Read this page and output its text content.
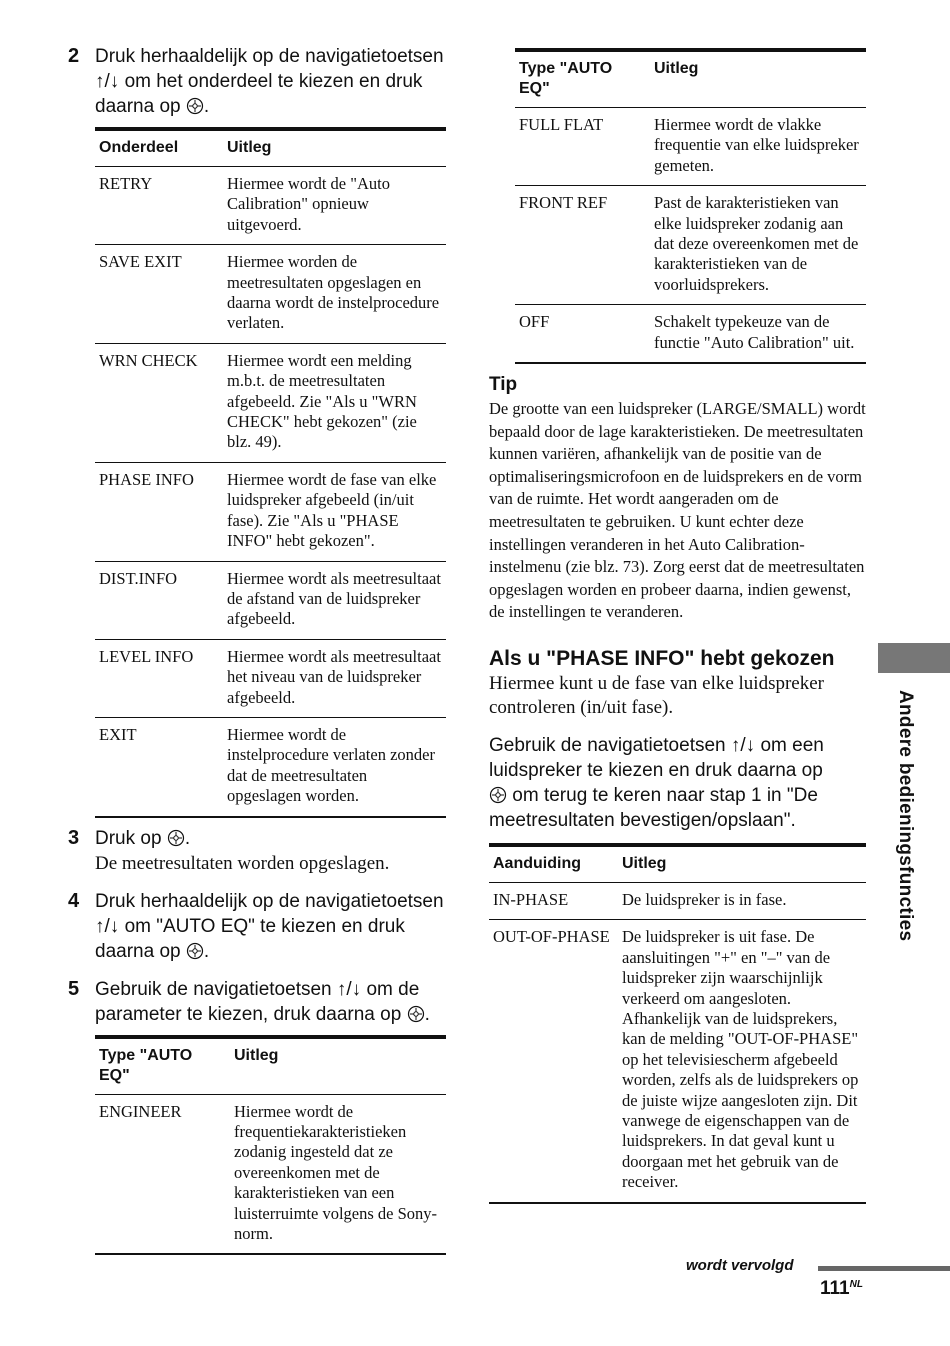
2 Druk herhaaldelijk op de navigatietoetsen ↑/↓ om het onderdeel te kiezen en druk daarna op .
Onderdeel	Uitleg
RETRY	Hiermee wordt de "Auto Calibration" opnieuw uitgevoerd.
SAVE EXIT	Hiermee worden de meetresultaten opgeslagen en daarna wordt de instelprocedure verlaten.
WRN CHECK	Hiermee wordt een melding m.b.t. de meetresultaten afgebeeld. Zie "Als u "WRN CHECK" hebt gekozen" (zie blz. 49).
PHASE INFO	Hiermee wordt de fase van elke luidspreker afgebeeld (in/uit fase). Zie "Als u "PHASE INFO" hebt gekozen".
DIST.INFO	Hiermee wordt als meetresultaat de afstand van de luidspreker afgebeeld.
LEVEL INFO	Hiermee wordt als meetresultaat het niveau van de luidspreker afgebeeld.
EXIT	Hiermee wordt de instelprocedure verlaten zonder dat de meetresultaten opgeslagen worden.
3 Druk op .
De meetresultaten worden opgeslagen.
4 Druk herhaaldelijk op de navigatietoetsen ↑/↓ om "AUTO EQ" te kiezen en druk daarna op .
5 Gebruik de navigatietoetsen ↑/↓ om de parameter te kiezen, druk daarna op .
Type "AUTO EQ"	Uitleg
ENGINEER	Hiermee wordt de frequentiekarakteristieken zodanig ingesteld dat ze overeenkomen met de karakteristieken van een luisterruimte volgens de Sony-norm.
Type "AUTO EQ"	Uitleg
FULL FLAT	Hiermee wordt de vlakke frequentie van elke luidspreker gemeten.
FRONT REF	Past de karakteristieken van elke luidspreker zodanig aan dat deze overeenkomen met de karakteristieken van de voorluidsprekers.
OFF	Schakelt typekeuze van de functie "Auto Calibration" uit.
Tip
De grootte van een luidspreker (LARGE/SMALL) wordt bepaald door de lage karakteristieken. De meetresultaten kunnen variëren, afhankelijk van de positie van de optimaliseringsmicrofoon en de luidsprekers en de vorm van de ruimte. Het wordt aangeraden om de meetresultaten te gebruiken. U kunt echter deze instellingen veranderen in het Auto Calibration-instelmenu (zie blz. 73). Zorg eerst dat de meetresultaten opgeslagen worden en probeer daarna, indien gewenst, de instellingen te veranderen.
Als u "PHASE INFO" hebt gekozen
Hiermee kunt u de fase van elke luidspreker controleren (in/uit fase).
Gebruik de navigatietoetsen ↑/↓ om een luidspreker te kiezen en druk daarna op
om terug te keren naar stap 1 in "De meetresultaten bevestigen/opslaan".
Aanduiding	Uitleg
IN-PHASE	De luidspreker is in fase.
OUT-OF-PHASE	De luidspreker is uit fase. De aansluitingen "+" en "–" van de luidspreker zijn waarschijnlijk verkeerd om aangesloten. Afhankelijk van de luidsprekers, kan de melding "OUT-OF-PHASE" op het televisiescherm afgebeeld worden, zelfs als de luidsprekers op de juiste wijze aangesloten zijn. Dit vanwege de eigenschappen van de luidsprekers. In dat geval kunt u doorgaan met het gebruik van de receiver.
Andere bedieningsfuncties
wordt vervolgd
$111^{NL}$
